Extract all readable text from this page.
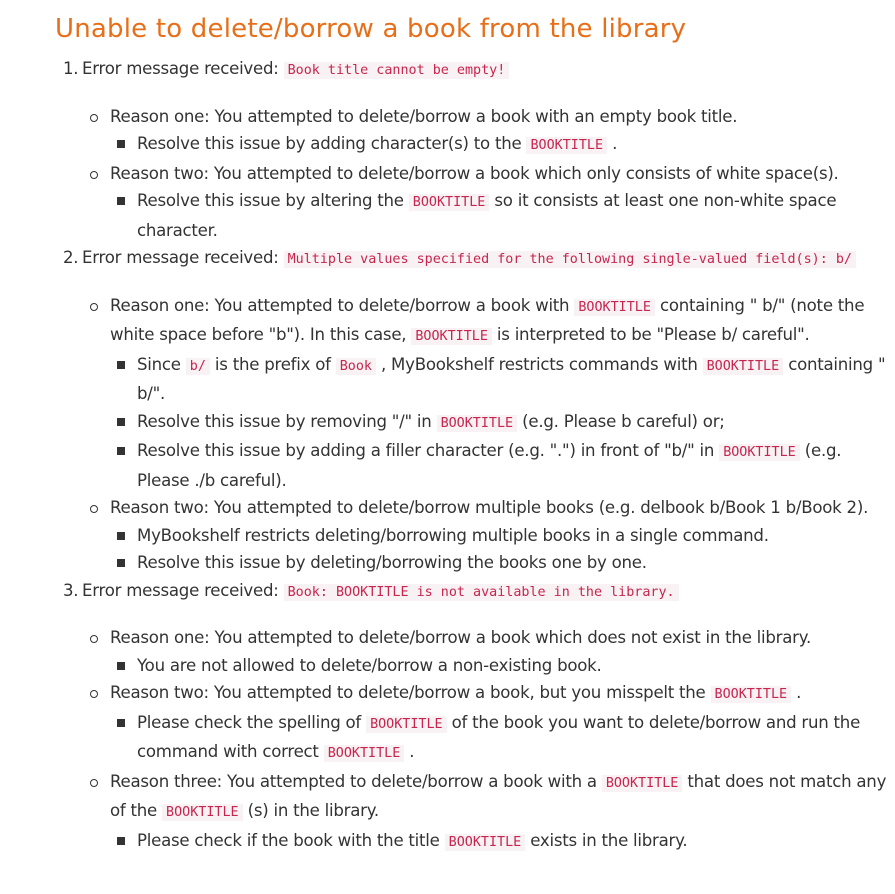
Unable to delete/borrow a book from the library
1. Error message received: Book title cannot be empty!
Reason one: You attempted to delete/borrow a book with an empty book title.
Resolve this issue by adding character(s) to the BOOKTITLE .
Reason two: You attempted to delete/borrow a book which only consists of white space(s).
Resolve this issue by altering the BOOKTITLE so it consists at least one non-white space character.
2. Error message received: Multiple values specified for the following single-valued field(s): b/
Reason one: You attempted to delete/borrow a book with BOOKTITLE containing " b/" (note the white space before "b"). In this case, BOOKTITLE is interpreted to be "Please b/ careful".
Since b/ is the prefix of Book , MyBookshelf restricts commands with BOOKTITLE containing " b/".
Resolve this issue by removing "/" in BOOKTITLE (e.g. Please b careful) or;
Resolve this issue by adding a filler character (e.g. ".") in front of "b/" in BOOKTITLE (e.g. Please ./b careful).
Reason two: You attempted to delete/borrow multiple books (e.g. delbook b/Book 1 b/Book 2).
MyBookshelf restricts deleting/borrowing multiple books in a single command.
Resolve this issue by deleting/borrowing the books one by one.
3. Error message received: Book: BOOKTITLE is not available in the library.
Reason one: You attempted to delete/borrow a book which does not exist in the library.
You are not allowed to delete/borrow a non-existing book.
Reason two: You attempted to delete/borrow a book, but you misspelt the BOOKTITLE .
Please check the spelling of BOOKTITLE of the book you want to delete/borrow and run the command with correct BOOKTITLE .
Reason three: You attempted to delete/borrow a book with a BOOKTITLE that does not match any of the BOOKTITLE (s) in the library.
Please check if the book with the title BOOKTITLE exists in the library.
